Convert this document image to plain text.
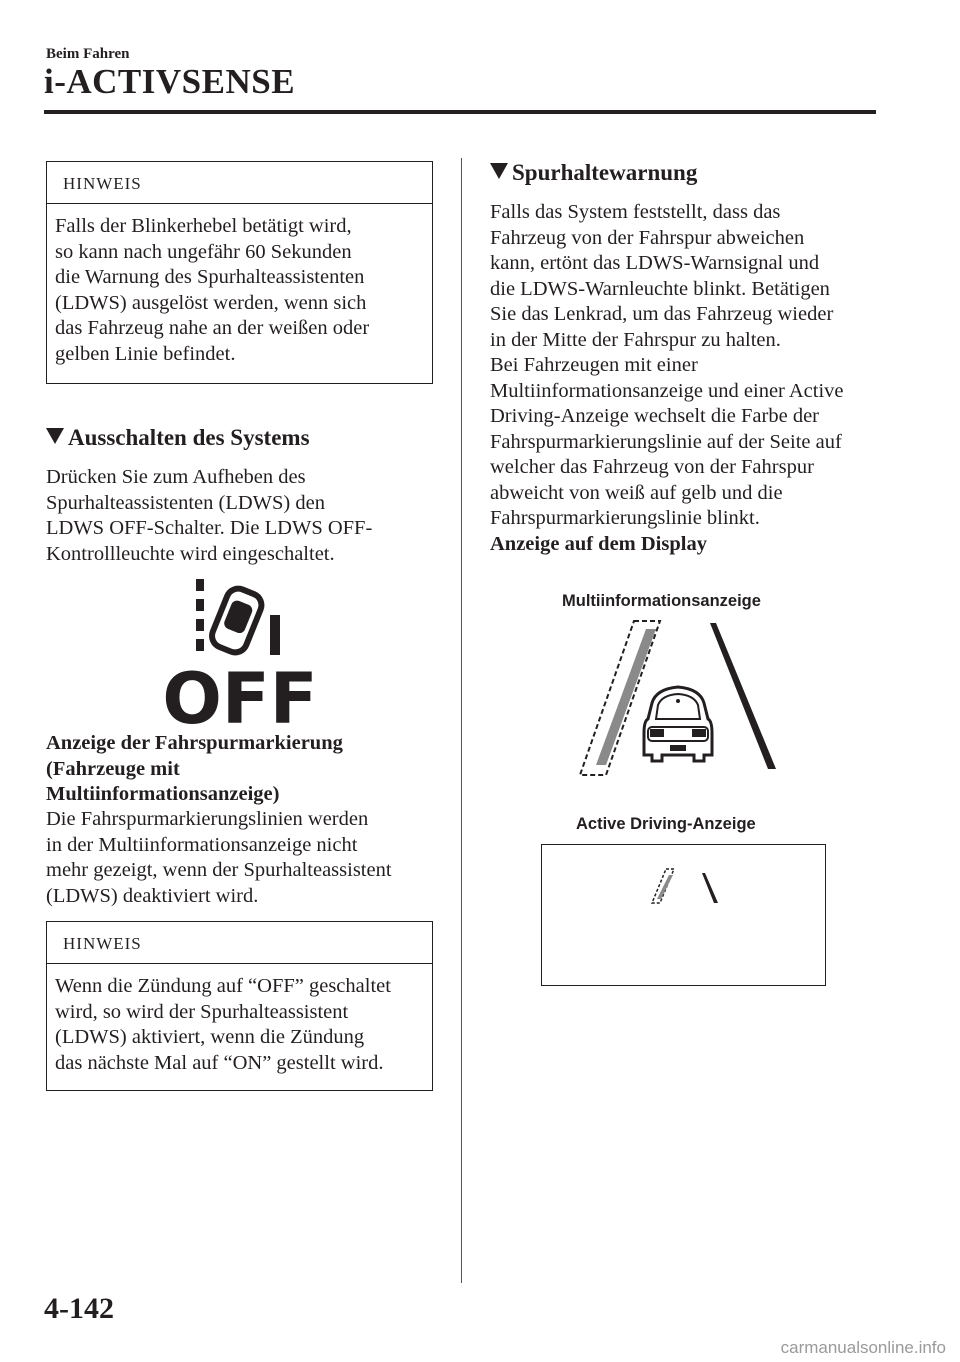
Beim Fahren
i-ACTIVSENSE
HINWEIS
Falls der Blinkerhebel betätigt wird,
so kann nach ungefähr 60 Sekunden
die Warnung des Spurhalteassistenten
(LDWS) ausgelöst werden, wenn sich
das Fahrzeug nahe an der weißen oder
gelben Linie befindet.
Ausschalten des Systems
Drücken Sie zum Aufheben des
Spurhalteassistenten (LDWS) den
LDWS OFF-Schalter. Die LDWS OFF-
Kontrollleuchte wird eingeschaltet.
OFF
Anzeige der Fahrspurmarkierung
(Fahrzeuge mit
Multiinformationsanzeige)
Die Fahrspurmarkierungslinien werden
in der Multiinformationsanzeige nicht
mehr gezeigt, wenn der Spurhalteassistent
(LDWS) deaktiviert wird.
HINWEIS
Wenn die Zündung auf “OFF” geschaltet
wird, so wird der Spurhalteassistent
(LDWS) aktiviert, wenn die Zündung
das nächste Mal auf “ON” gestellt wird.
Spurhaltewarnung
Falls das System feststellt, dass das
Fahrzeug von der Fahrspur abweichen
kann, ertönt das LDWS-Warnsignal und
die LDWS-Warnleuchte blinkt. Betätigen
Sie das Lenkrad, um das Fahrzeug wieder
in der Mitte der Fahrspur zu halten.
Bei Fahrzeugen mit einer
Multiinformationsanzeige und einer Active
Driving-Anzeige wechselt die Farbe der
Fahrspurmarkierungslinie auf der Seite auf
welcher das Fahrzeug von der Fahrspur
abweicht von weiß auf gelb und die
Fahrspurmarkierungslinie blinkt.
Anzeige auf dem Display
Multiinformationsanzeige
Active Driving-Anzeige
4-142
carmanualsonline.info
